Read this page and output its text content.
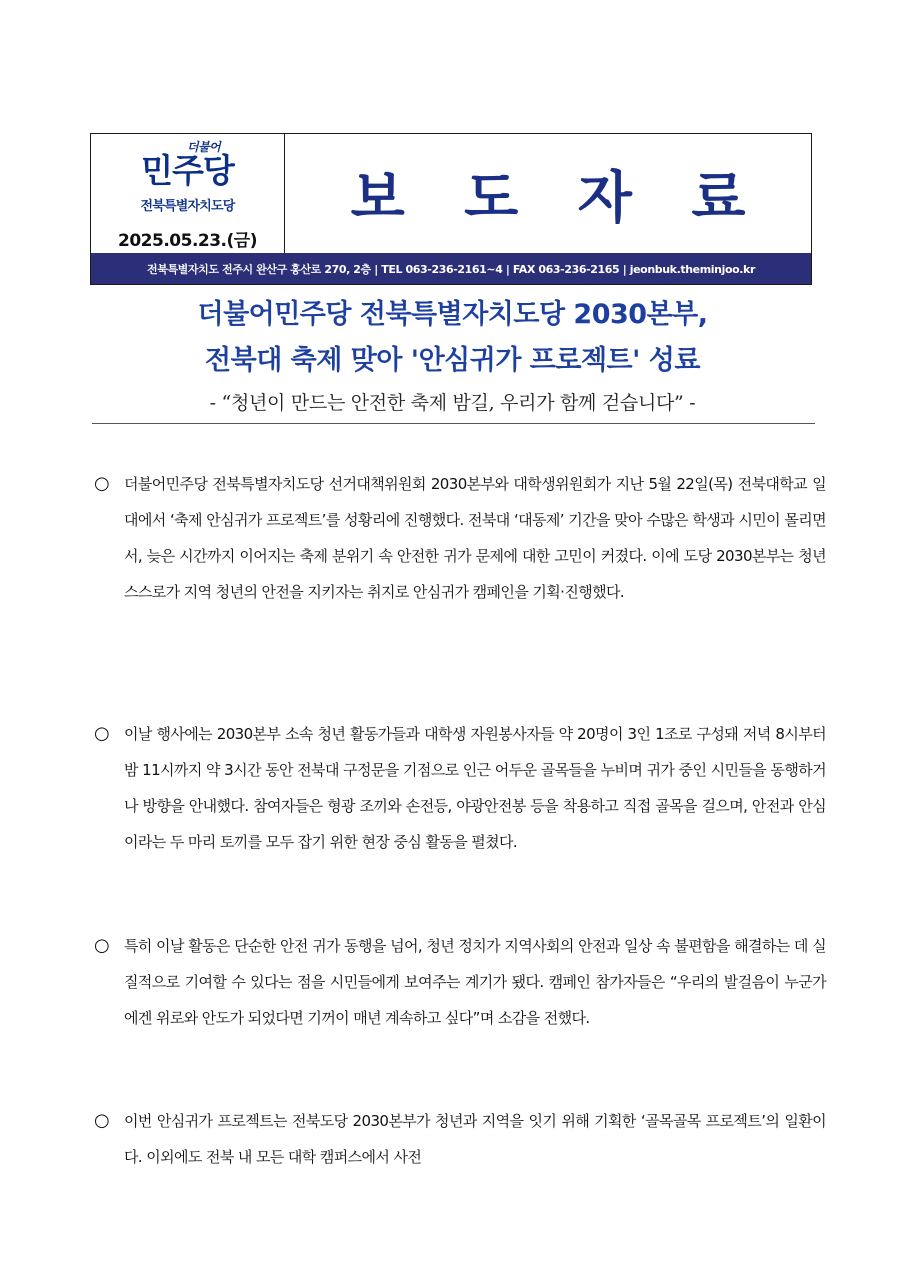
더불어
민주당
전북특별자치도당
2025.05.23.(금)
보 도 자 료
전북특별자치도 전주시 완산구 홍산로 270, 2층 | TEL 063-236-2161~4 | FAX 063-236-2165 | jeonbuk.theminjoo.kr
더불어민주당 전북특별자치도당 2030본부,
전북대 축제 맞아 '안심귀가 프로젝트' 성료
- “청년이 만드는 안전한 축제 밤길, 우리가 함께 걷습니다” -
○ 더불어민주당 전북특별자치도당 선거대책위원회 2030본부와 대학생위원회가 지난 5월 22일(목) 전북대학교 일대에서 ‘축제 안심귀가 프로젝트’를 성황리에 진행했다. 전북대 ‘대동제’ 기간을 맞아 수많은 학생과 시민이 몰리면서, 늦은 시간까지 이어지는 축제 분위기 속 안전한 귀가 문제에 대한 고민이 커졌다. 이에 도당 2030본부는 청년 스스로가 지역 청년의 안전을 지키자는 취지로 안심귀가 캠페인을 기획·진행했다.
○ 이날 행사에는 2030본부 소속 청년 활동가들과 대학생 자원봉사자들 약 20명이 3인 1조로 구성돼 저녁 8시부터 밤 11시까지 약 3시간 동안 전북대 구정문을 기점으로 인근 어두운 골목들을 누비며 귀가 중인 시민들을 동행하거나 방향을 안내했다. 참여자들은 형광 조끼와 손전등, 야광안전봉 등을 착용하고 직접 골목을 걸으며, 안전과 안심이라는 두 마리 토끼를 모두 잡기 위한 현장 중심 활동을 펼쳤다.
○ 특히 이날 활동은 단순한 안전 귀가 동행을 넘어, 청년 정치가 지역사회의 안전과 일상 속 불편함을 해결하는 데 실질적으로 기여할 수 있다는 점을 시민들에게 보여주는 계기가 됐다. 캠페인 참가자들은 “우리의 발걸음이 누군가에겐 위로와 안도가 되었다면 기꺼이 매년 계속하고 싶다”며 소감을 전했다.
○ 이번 안심귀가 프로젝트는 전북도당 2030본부가 청년과 지역을 잇기 위해 기획한 ‘골목골목 프로젝트’의 일환이다. 이외에도 전북 내 모든 대학 캠퍼스에서 사전
